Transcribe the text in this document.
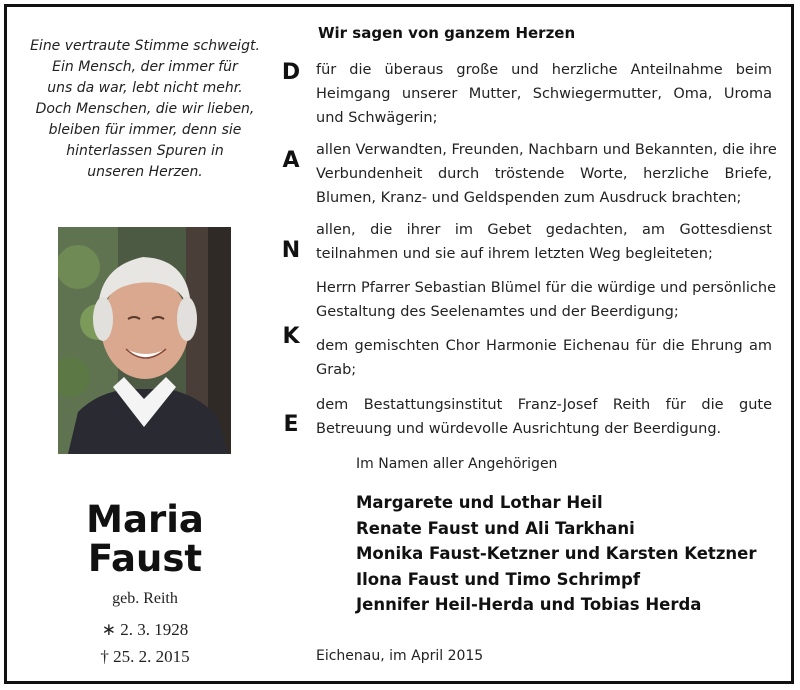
Eine vertraute Stimme schweigt.
Ein Mensch, der immer für
uns da war, lebt nicht mehr.
Doch Menschen, die wir lieben,
bleiben für immer, denn sie
hinterlassen Spuren in
unseren Herzen.
Maria
Faust
geb. Reith
∗ 2. 3. 1928
† 25. 2. 2015
Wir sagen von ganzem Herzen
D
A
N
K
E
für die überaus große und herzliche Anteilnahme beim
Heimgang unserer Mutter, Schwiegermutter, Oma, Uroma
und Schwägerin;
allen Verwandten, Freunden, Nachbarn und Bekannten, die ihre
Verbundenheit durch tröstende Worte, herzliche Briefe,
Blumen, Kranz- und Geldspenden zum Ausdruck brachten;
allen, die ihrer im Gebet gedachten, am Gottesdienst
teilnahmen und sie auf ihrem letzten Weg begleiteten;
Herrn Pfarrer Sebastian Blümel für die würdige und persönliche
Gestaltung des Seelenamtes und der Beerdigung;
dem gemischten Chor Harmonie Eichenau für die Ehrung am
Grab;
dem Bestattungsinstitut Franz-Josef Reith für die gute
Betreuung und würdevolle Ausrichtung der Beerdigung.
Im Namen aller Angehörigen
Margarete und Lothar Heil
Renate Faust und Ali Tarkhani
Monika Faust-Ketzner und Karsten Ketzner
Ilona Faust und Timo Schrimpf
Jennifer Heil-Herda und Tobias Herda
Eichenau, im April 2015
